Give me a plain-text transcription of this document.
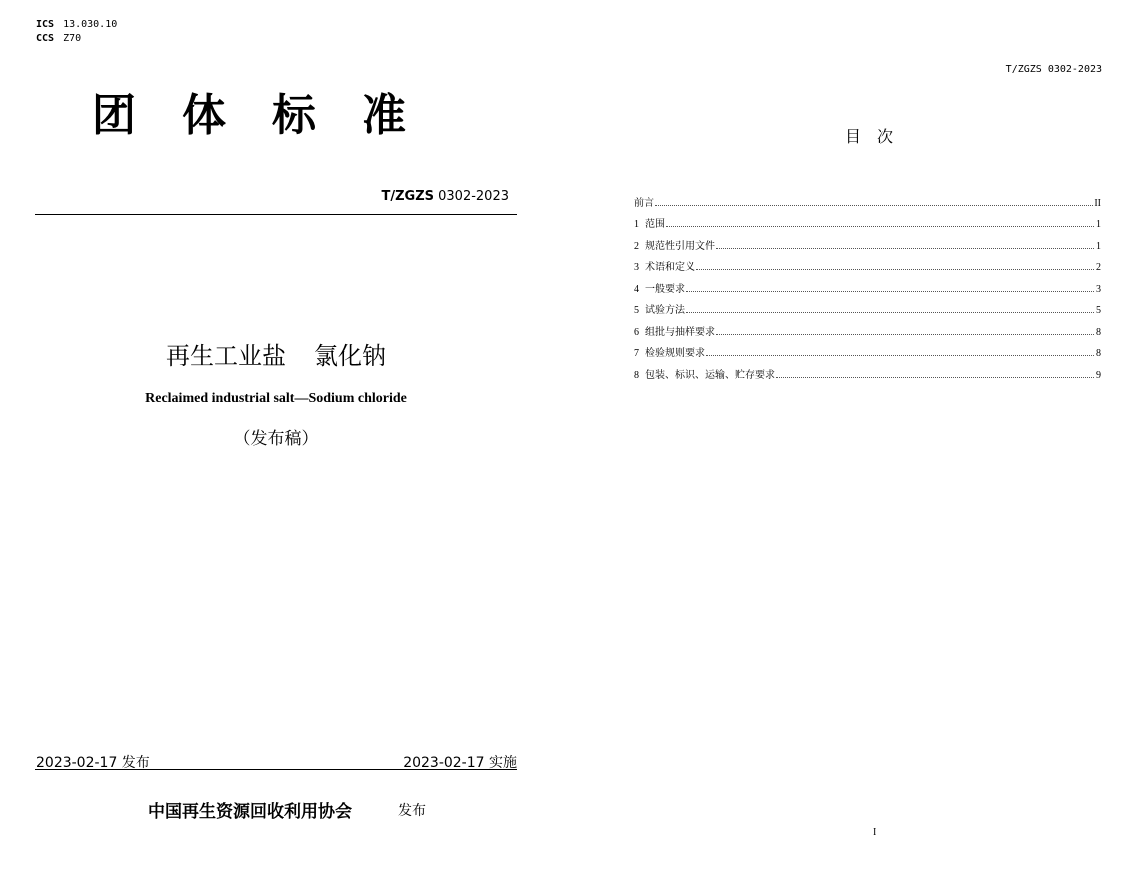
ICS 13.030.10
CCS Z70
团体标准
T/ZGZS 0302-2023
再生工业盐 氯化钠
Reclaimed industrial salt—Sodium chloride
（发布稿）
2023-02-17 发布	2023-02-17 实施
中国再生资源回收利用协会	发布
T/ZGZS 0302-2023
目 次
前言	II
1 范围	1
2 规范性引用文件	1
3 术语和定义	2
4 一般要求	3
5 试验方法	5
6 组批与抽样要求	8
7 检验规则要求	8
8 包装、标识、运输、贮存要求	9
I
